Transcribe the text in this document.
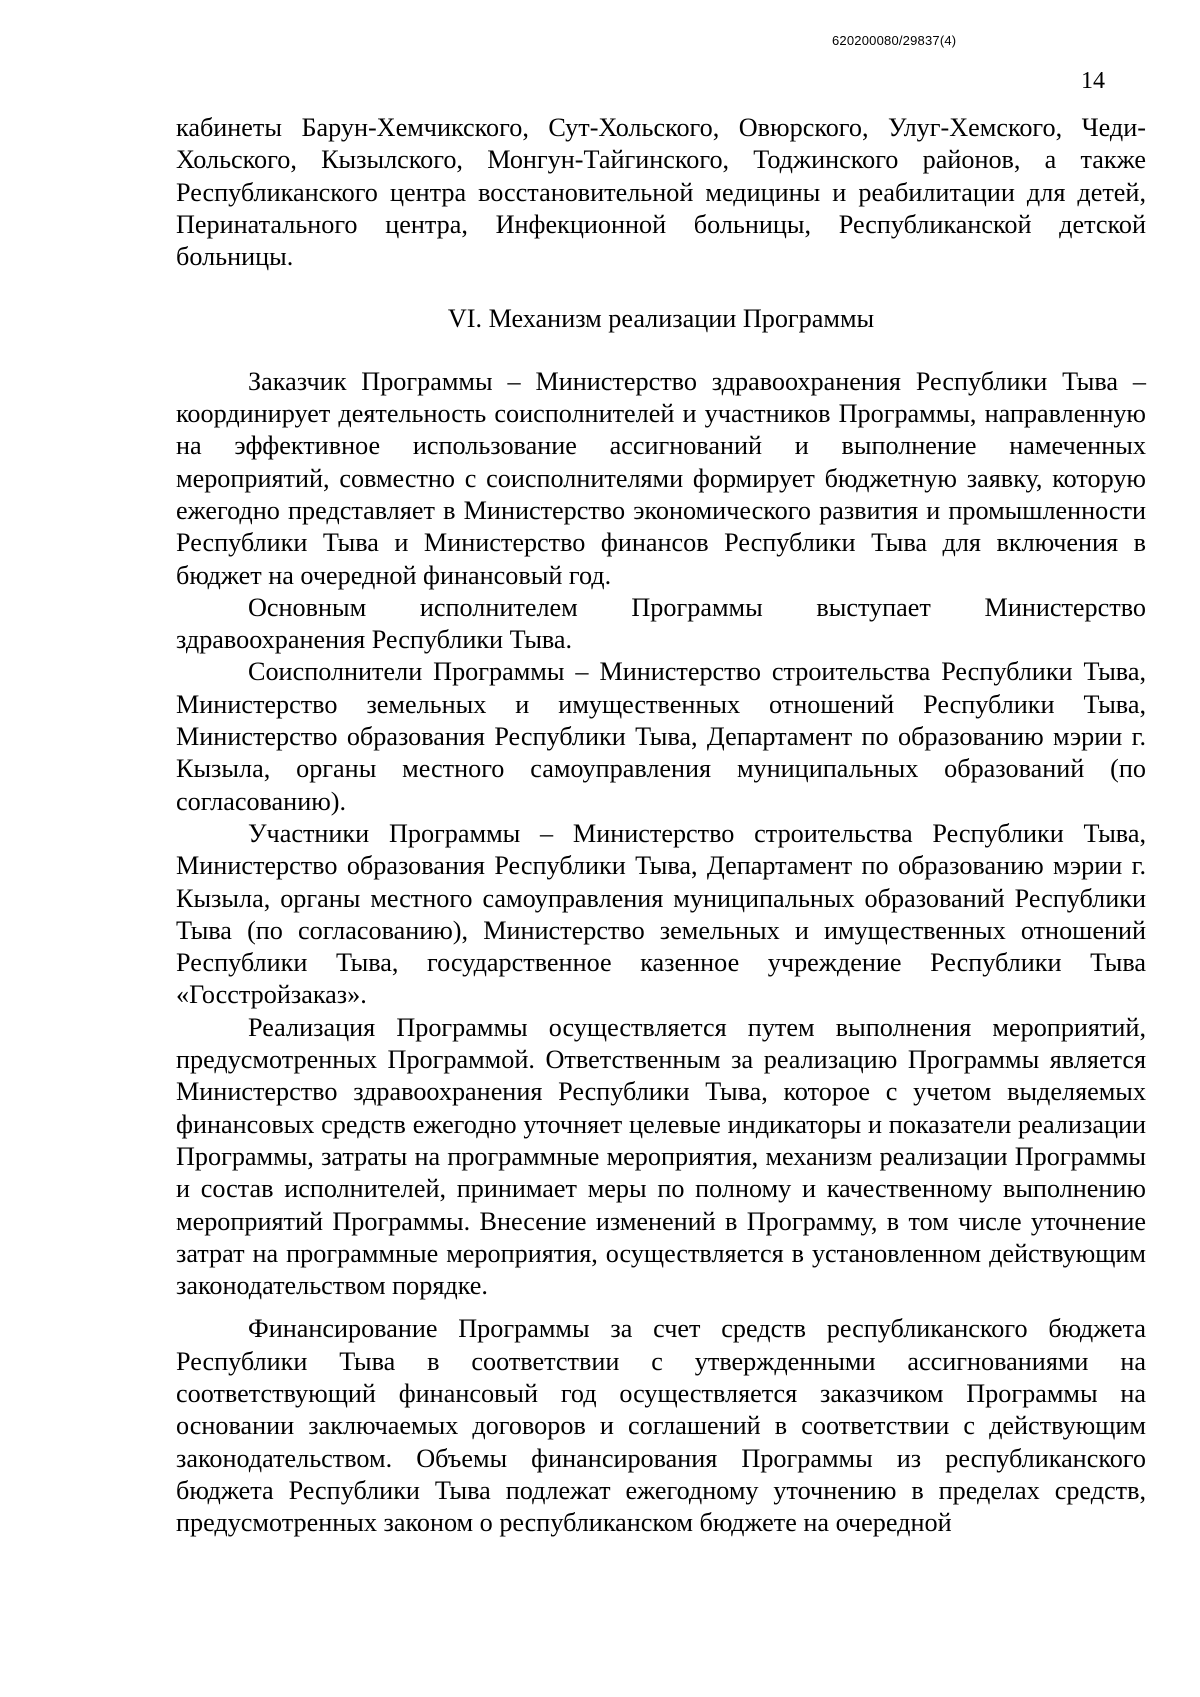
620200080/29837(4)
14

кабинеты Барун-Хемчикского, Сут-Хольского, Овюрского, Улуг-Хемского, Чеди-Хольского, Кызылского, Монгун-Тайгинского, Тоджинского районов, а также Республиканского центра восстановительной медицины и реабилитации для детей, Перинатального центра, Инфекционной больницы, Республиканской детской больницы.

VI. Механизм реализации Программы

Заказчик Программы – Министерство здравоохранения Республики Тыва – координирует деятельность соисполнителей и участников Программы, направленную на эффективное использование ассигнований и выполнение намеченных мероприятий, совместно с соисполнителями формирует бюджетную заявку, которую ежегодно представляет в Министерство экономического развития и промышленности Республики Тыва и Министерство финансов Республики Тыва для включения в бюджет на очередной финансовый год.

Основным исполнителем Программы выступает Министерство здравоохранения Республики Тыва.

Соисполнители Программы – Министерство строительства Республики Тыва, Министерство земельных и имущественных отношений Республики Тыва, Министерство образования Республики Тыва, Департамент по образованию мэрии г. Кызыла, органы местного самоуправления муниципальных образований (по согласованию).

Участники Программы – Министерство строительства Республики Тыва, Министерство образования Республики Тыва, Департамент по образованию мэрии г. Кызыла, органы местного самоуправления муниципальных образований Республики Тыва (по согласованию), Министерство земельных и имущественных отношений Республики Тыва, государственное казенное учреждение Республики Тыва «Госстройзаказ».

Реализация Программы осуществляется путем выполнения мероприятий, предусмотренных Программой. Ответственным за реализацию Программы является Министерство здравоохранения Республики Тыва, которое с учетом выделяемых финансовых средств ежегодно уточняет целевые индикаторы и показатели реализации Программы, затраты на программные мероприятия, механизм реализации Программы и состав исполнителей, принимает меры по полному и качественному выполнению мероприятий Программы. Внесение изменений в Программу, в том числе уточнение затрат на программные мероприятия, осуществляется в установленном действующим законодательством порядке.

Финансирование Программы за счет средств республиканского бюджета Республики Тыва в соответствии с утвержденными ассигнованиями на соответствующий финансовый год осуществляется заказчиком Программы на основании заключаемых договоров и соглашений в соответствии с действующим законодательством. Объемы финансирования Программы из республиканского бюджета Республики Тыва подлежат ежегодному уточнению в пределах средств, предусмотренных законом о республиканском бюджете на очередной
